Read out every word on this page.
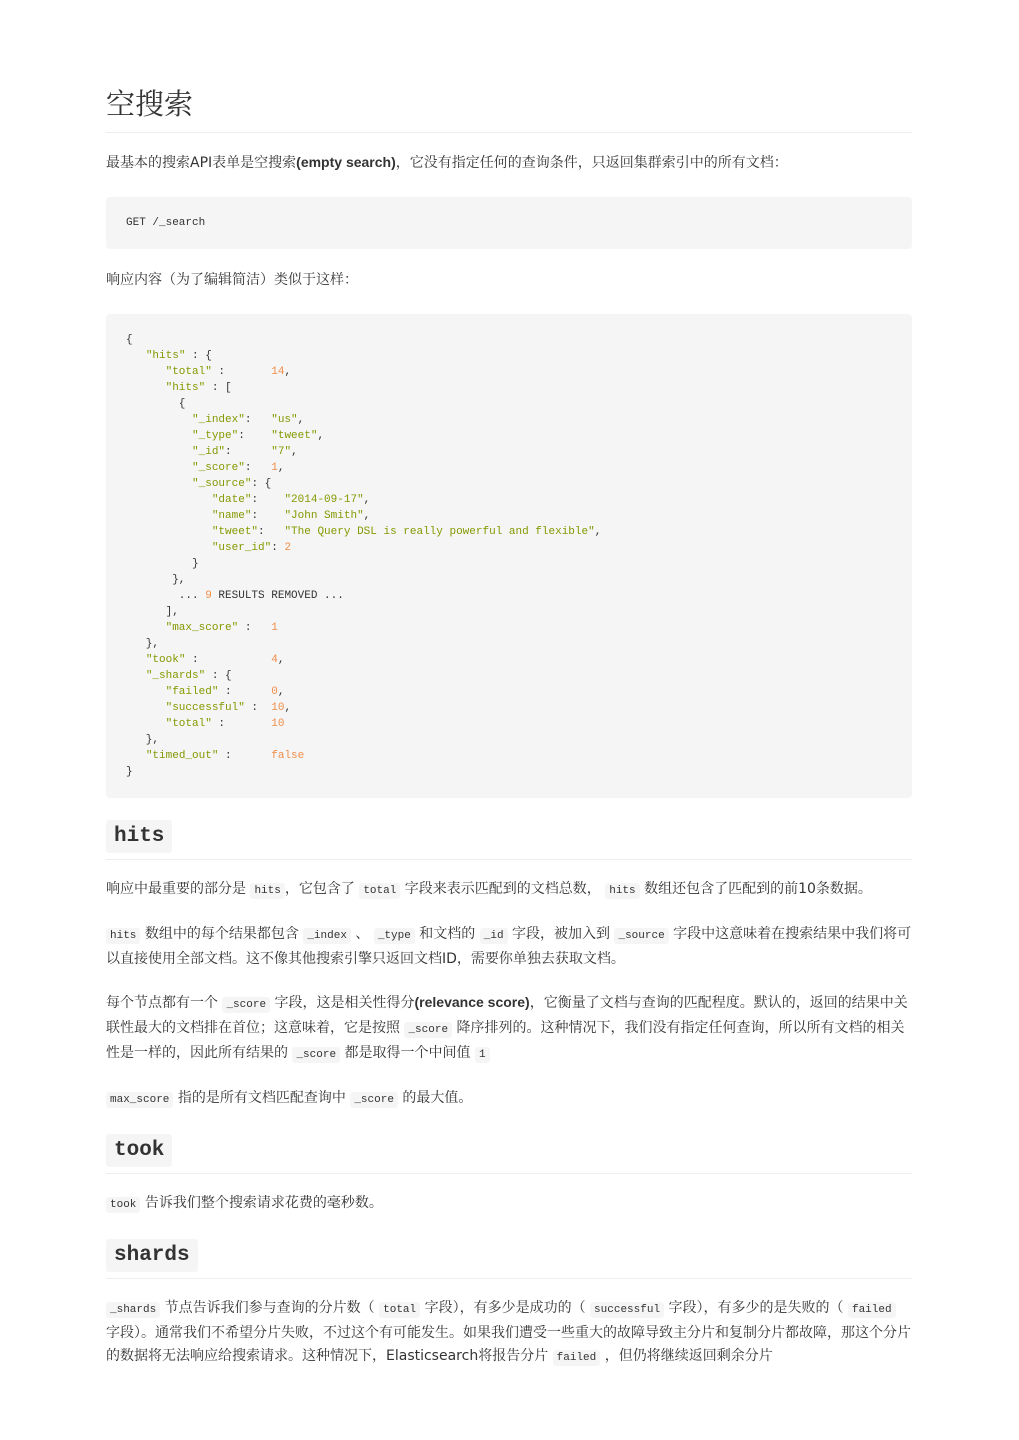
空搜索

最基本的搜索API表单是空搜索(empty search)，它没有指定任何的查询条件，只返回集群索引中的所有文档：

GET /_search

响应内容（为了编辑简洁）类似于这样：

{
"hits" : {
"total" :       14,
"hits" : [
{
"_index":   "us",
"_type":    "tweet",
"_id":      "7",
"_score":   1,
"_source": {
"date":    "2014-09-17",
"name":    "John Smith",
"tweet":   "The Query DSL is really powerful and flexible",
"user_id": 2
}
},
... 9 RESULTS REMOVED ...
],
"max_score" :   1
},
"took" :           4,
"_shards" : {
"failed" :      0,
"successful" :  10,
"total" :       10
},
"timed_out" :      false
}
hits

响应中最重要的部分是 hits ，它包含了 total 字段来表示匹配到的文档总数， hits 数组还包含了匹配到的前10条数据。

hits 数组中的每个结果都包含 _index 、 _type 和文档的 _id 字段，被加入到 _source 字段中这意味着在搜索结果中我们将可以直接使用全部文档。这不像其他搜索引擎只返回文档ID，需要你单独去获取文档。

每个节点都有一个 _score 字段，这是相关性得分(relevance score)，它衡量了文档与查询的匹配程度。默认的，返回的结果中关联性最大的文档排在首位；这意味着，它是按照 _score 降序排列的。这种情况下，我们没有指定任何查询，所以所有文档的相关性是一样的，因此所有结果的 _score 都是取得一个中间值 1

max_score 指的是所有文档匹配查询中 _score 的最大值。

took

took 告诉我们整个搜索请求花费的毫秒数。

shards

_shards 节点告诉我们参与查询的分片数（ total 字段），有多少是成功的（ successful 字段），有多少的是失败的（ failed 字段）。通常我们不希望分片失败，不过这个有可能发生。如果我们遭受一些重大的故障导致主分片和复制分片都故障，那这个分片的数据将无法响应给搜索请求。这种情况下，Elasticsearch将报告分片 failed ，但仍将继续返回剩余分片
